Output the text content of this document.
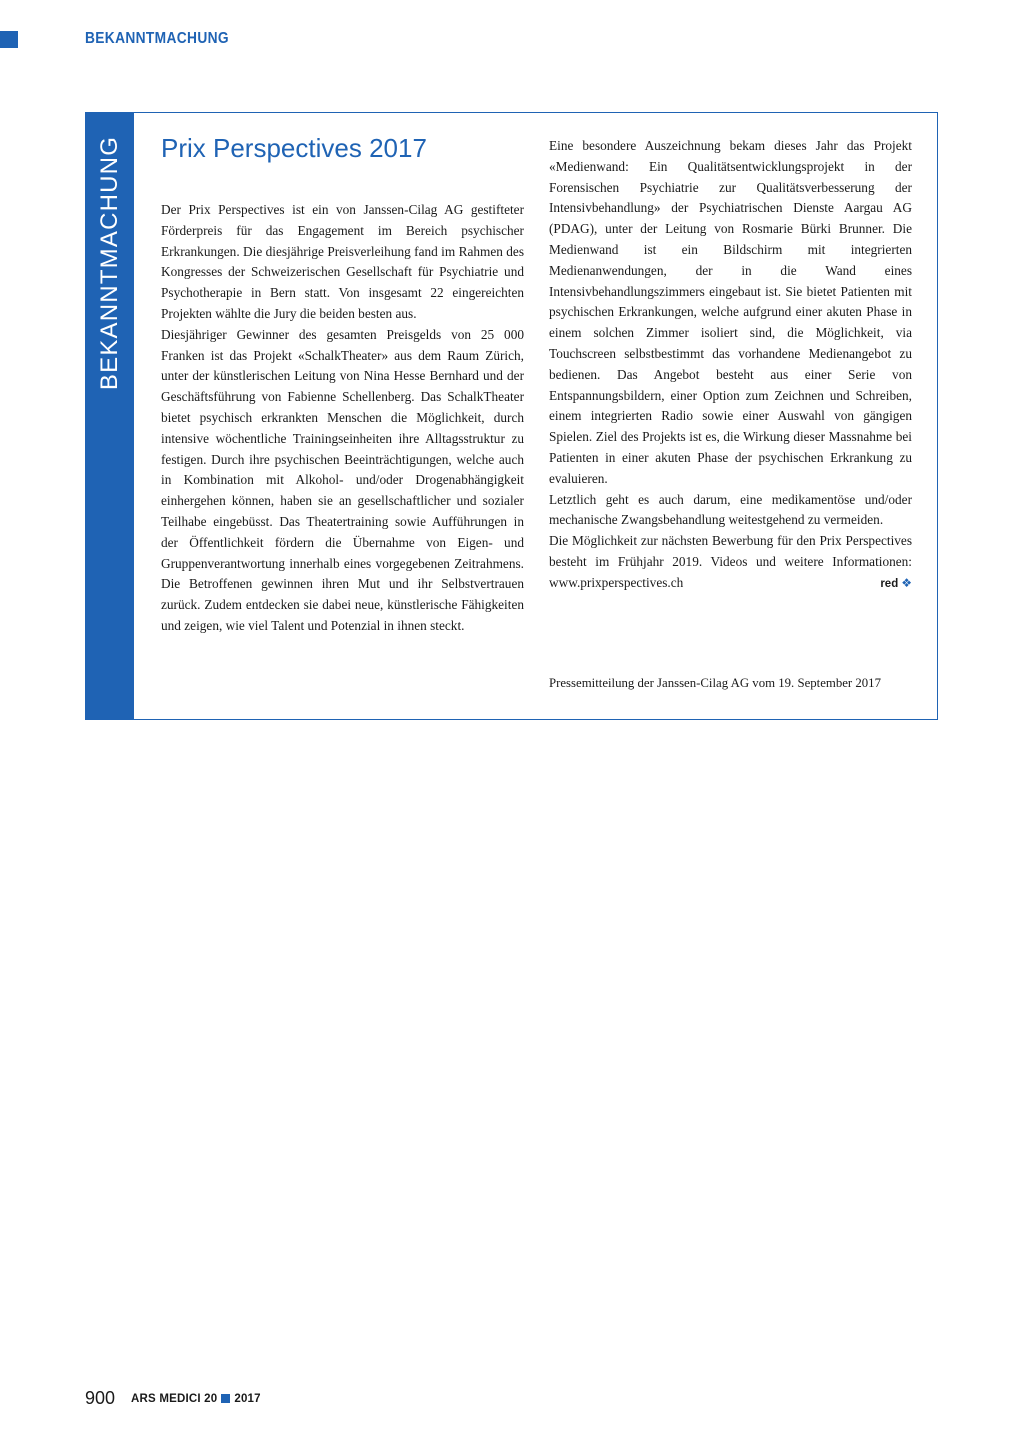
BEKANNTMACHUNG
BEKANNTMACHUNG Prix Perspectives 2017

Der Prix Perspectives ist ein von Janssen-Cilag AG gestifteter Förderpreis für das Engagement im Bereich psychischer Erkrankungen. Die diesjährige Preisverleihung fand im Rahmen des Kongresses der Schweizerischen Gesellschaft für Psychiatrie und Psychotherapie in Bern statt. Von insgesamt 22 eingereichten Projekten wählte die Jury die beiden besten aus.

Diesjähriger Gewinner des gesamten Preisgelds von 25 000 Franken ist das Projekt «SchalkTheater» aus dem Raum Zürich, unter der künstlerischen Leitung von Nina Hesse Bernhard und der Geschäftsführung von Fabienne Schellenberg. Das SchalkTheater bietet psychisch erkrankten Menschen die Möglichkeit, durch intensive wöchentliche Trainingseinheiten ihre Alltagsstruktur zu festigen. Durch ihre psychischen Beeinträchtigungen, welche auch in Kombination mit Alkohol- und/oder Drogenabhängigkeit einhergehen können, haben sie an gesellschaftlicher und sozialer Teilhabe eingebüsst. Das Theatertraining sowie Aufführungen in der Öffentlichkeit fördern die Übernahme von Eigen- und Gruppenverantwortung innerhalb eines vorgegebenen Zeitrahmens. Die Betroffenen gewinnen ihren Mut und ihr Selbstvertrauen zurück. Zudem entdecken sie dabei neue, künstlerische Fähigkeiten und zeigen, wie viel Talent und Potenzial in ihnen steckt.

Eine besondere Auszeichnung bekam dieses Jahr das Projekt «Medienwand: Ein Qualitätsentwicklungsprojekt in der Forensischen Psychiatrie zur Qualitätsverbesserung der Intensivbehandlung» der Psychiatrischen Dienste Aargau AG (PDAG), unter der Leitung von Rosmarie Bürki Brunner. Die Medienwand ist ein Bildschirm mit integrierten Medienanwendungen, der in die Wand eines Intensivbehandlungszimmers eingebaut ist. Sie bietet Patienten mit psychischen Erkrankungen, welche aufgrund einer akuten Phase in einem solchen Zimmer isoliert sind, die Möglichkeit, via Touchscreen selbstbestimmt das vorhandene Medienangebot zu bedienen. Das Angebot besteht aus einer Serie von Entspannungsbildern, einer Option zum Zeichnen und Schreiben, einem integrierten Radio sowie einer Auswahl von gängigen Spielen. Ziel des Projekts ist es, die Wirkung dieser Massnahme bei Patienten in einer akuten Phase der psychischen Erkrankung zu evaluieren.

Letztlich geht es auch darum, eine medikamentöse und/oder mechanische Zwangsbehandlung weitestgehend zu vermeiden.

Die Möglichkeit zur nächsten Bewerbung für den Prix Perspectives besteht im Frühjahr 2019. Videos und weitere Informationen: www.prixperspectives.ch	red ❖

Pressemitteilung der Janssen-Cilag AG vom 19. September 2017
900 ARS MEDICI 20 2017
